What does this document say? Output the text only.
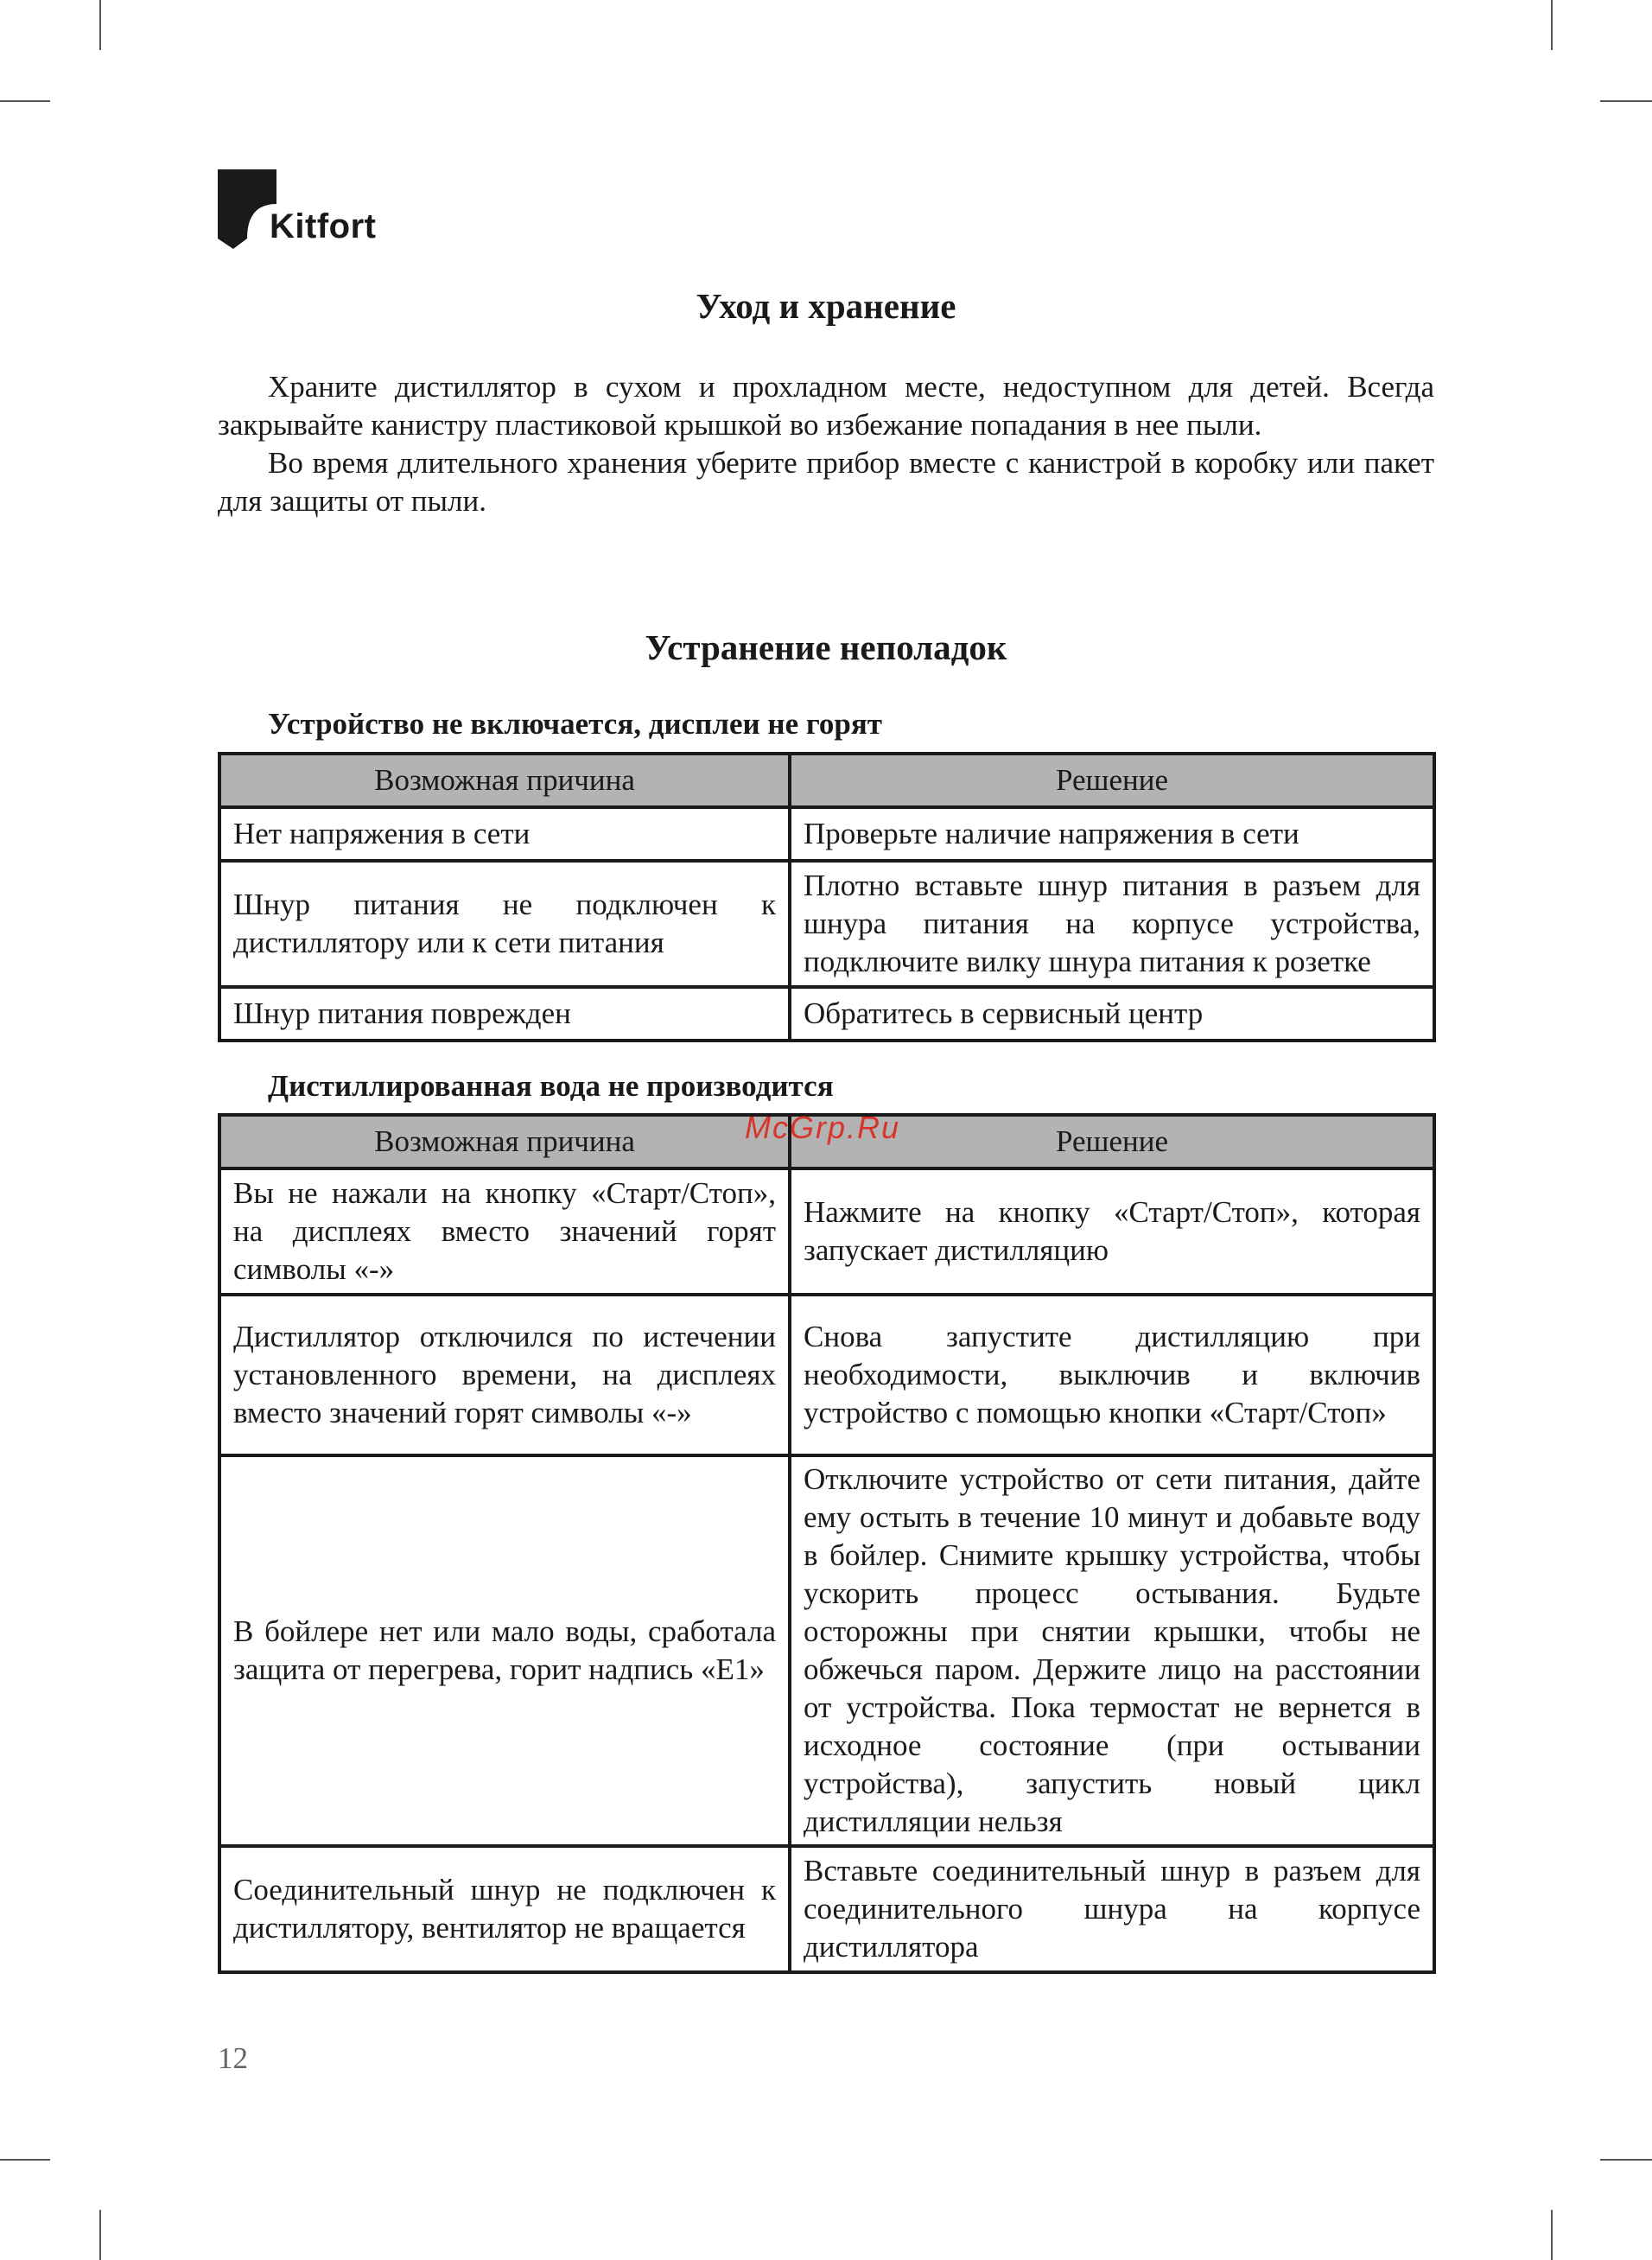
Kitfort
Уход и хранение

Храните дистиллятор в сухом и прохладном месте, недоступном для детей. Всегда закрывайте канистру пластиковой крышкой во избежание попадания в нее пыли.

Во время длительного хранения уберите прибор вместе с канистрой в коробку или пакет для защиты от пыли.

Устранение неполадок

Устройство не включается, дисплеи не горят

Возможная причина	Решение
Нет напряжения в сети	Проверьте наличие напряжения в сети
Шнур питания не подключен к дистиллятору или к сети питания	Плотно вставьте шнур питания в разъем для шнура питания на корпусе устройства, подключите вилку шнура питания к розетке
Шнур питания поврежден	Обратитесь в сервисный центр

Дистиллированная вода не производится

Возможная причина	Решение
Вы не нажали на кнопку «Старт/Стоп», на дисплеях вместо значений горят символы «-»	Нажмите на кнопку «Старт/Стоп», которая запускает дистилляцию
Дистиллятор отключился по истечении установленного времени, на дисплеях вместо значений горят символы «-»	Снова запустите дистилляцию при необходимости, выключив и включив устройство с помощью кнопки «Старт/Стоп»
В бойлере нет или мало воды, сработала защита от перегрева, горит надпись «E1»	Отключите устройство от сети питания, дайте ему остыть в течение 10 минут и добавьте воду в бойлер. Снимите крышку устройства, чтобы ускорить процесс остывания. Будьте осторожны при снятии крышки, чтобы не обжечься паром. Держите лицо на расстоянии от устройства. Пока термостат не вернется в исходное состояние (при остывании устройства), запустить новый цикл дистилляции нельзя
Соединительный шнур не подключен к дистиллятору, вентилятор не вращается	Вставьте соединительный шнур в разъем для соединительного шнура на корпусе дистиллятора
McGrp.Ru
12
